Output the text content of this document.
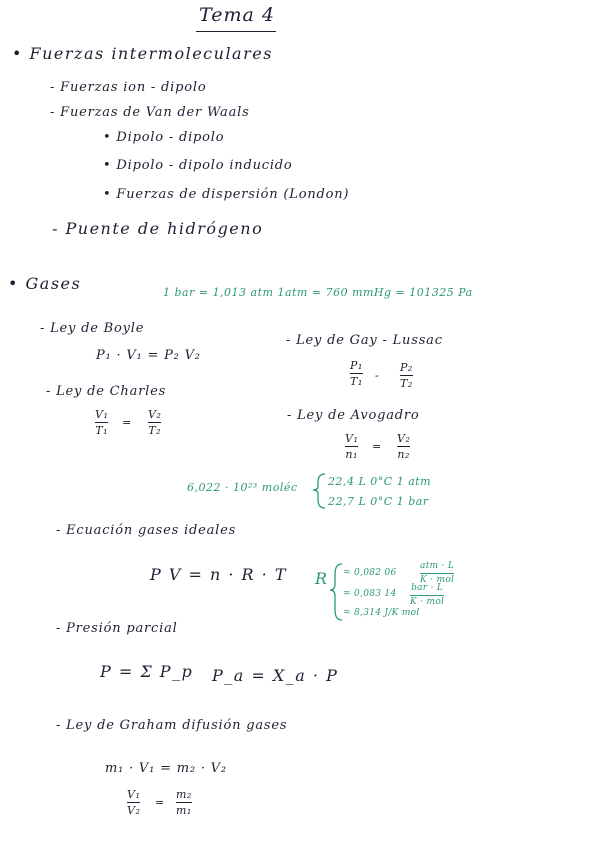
Tema 4
• Fuerzas intermoleculares
- Fuerzas ion - dipolo
- Fuerzas de Van der Waals
• Dipolo - dipolo
• Dipolo - dipolo inducido
• Fuerzas de dispersión (London)
- Puente de hidrógeno
• Gases	1 bar = 1,013 atm 1atm = 760 mmHg = 101325 Pa
- Ley de Boyle
P₁ · V₁ = P₂ V₂
- Ley de Gay - Lussac
P₁
T₁ -
P₂
T₂
- Ley de Charles
V₁
T₁
=
V₂
T₂
- Ley de Avogadro
V₁
n₁
=
V₂
n₂
6,022 · 10²³ moléc	22,4 L 0°C 1 atm
22,7 L 0°C 1 bar
- Ecuación gases ideales
P V = n · R · T R = 0,082 06
atm · L
K · mol
= 0,083 14
bar · L
K · mol
= 8,314 J/K mol
- Presión parcial
P = Σ P_p P_a = X_a · P
- Ley de Graham difusión gases
m₁ · V₁ = m₂ · V₂
V₁
V₂
=
m₂
m₁
